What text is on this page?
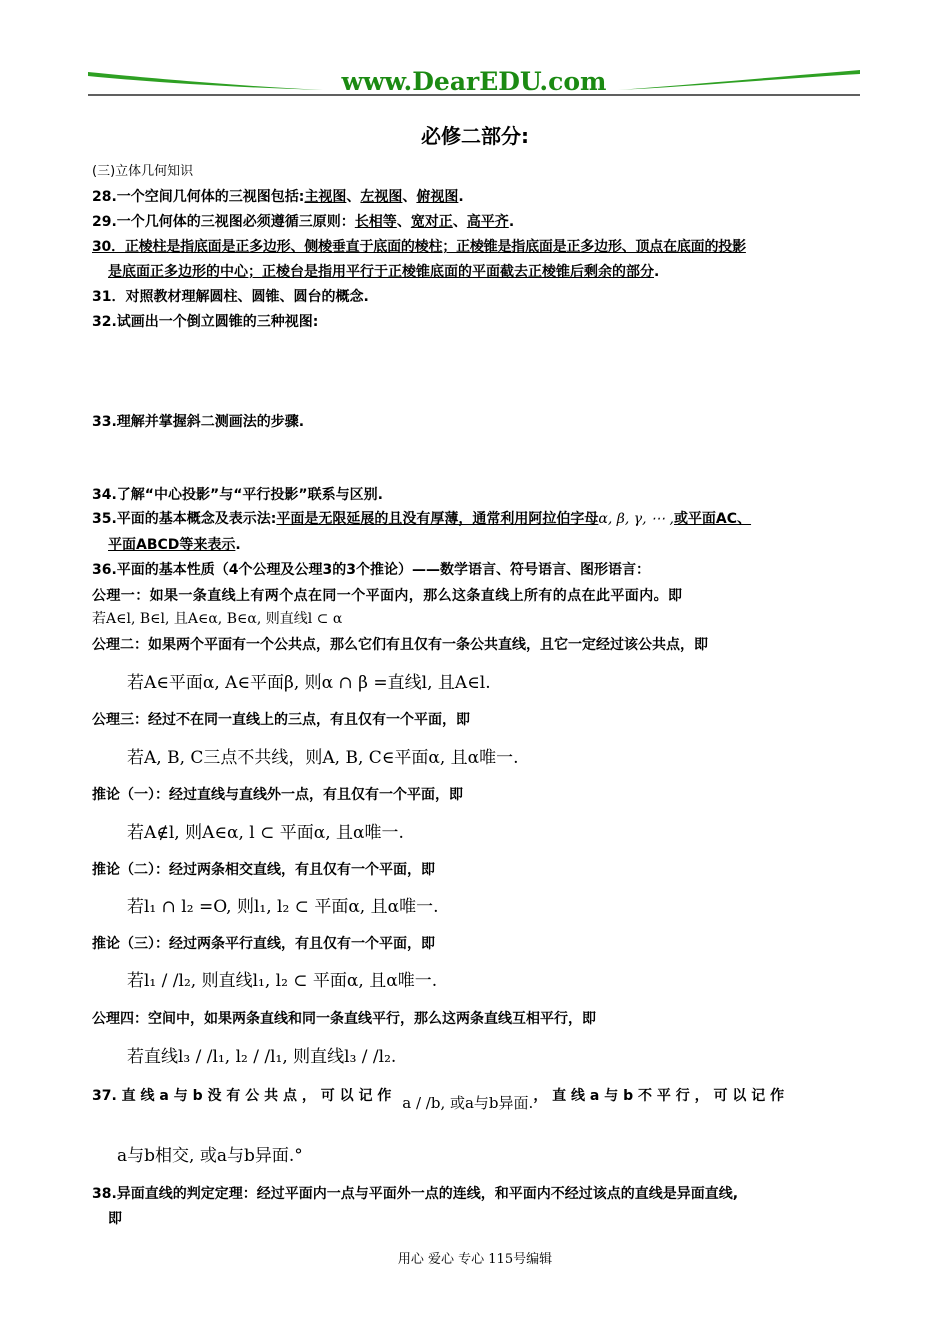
www.DearEDU.com
必修二部分:
(三)立体几何知识
28.一个空间几何体的三视图包括:主视图、左视图、俯视图.
29.一个几何体的三视图必须遵循三原则：长相等、宽对正、高平齐.
30．正棱柱是指底面是正多边形、侧棱垂直于底面的棱柱；正棱锥是指底面是正多边形、顶点在底面的投影
是底面正多边形的中心；正棱台是指用平行于正棱锥底面的平面截去正棱锥后剩余的部分.
31．对照教材理解圆柱、圆锥、圆台的概念.
32.试画出一个倒立圆锥的三种视图:
33.理解并掌握斜二测画法的步骤.
34.了解“中心投影”与“平行投影”联系与区别.
35.平面的基本概念及表示法:平面是无限延展的且没有厚薄，通常利用阿拉伯字母α, β, γ, ⋯ ,或平面AC、
平面ABCD等来表示.
36.平面的基本性质（4个公理及公理3的3个推论）——数学语言、符号语言、图形语言：
公理一：如果一条直线上有两个点在同一个平面内，那么这条直线上所有的点在此平面内。即
若A∈l, B∈l, 且A∈α, B∈α, 则直线l ⊂ α
公理二：如果两个平面有一个公共点，那么它们有且仅有一条公共直线，且它一定经过该公共点，即
若A∈平面α, A∈平面β, 则α ∩ β =直线l, 且A∈l.
公理三：经过不在同一直线上的三点，有且仅有一个平面，即
若A, B, C三点不共线，则A, B, C∈平面α, 且α唯一.
推论（一）：经过直线与直线外一点，有且仅有一个平面，即
若A∉l, 则A∈α, l ⊂ 平面α, 且α唯一.
推论（二）：经过两条相交直线，有且仅有一个平面，即
若l₁ ∩ l₂ =O, 则l₁, l₂ ⊂ 平面α, 且α唯一.
推论（三）：经过两条平行直线，有且仅有一个平面，即
若l₁ / /l₂, 则直线l₁, l₂ ⊂ 平面α, 且α唯一.
公理四：空间中，如果两条直线和同一条直线平行，那么这两条直线互相平行，即
若直线l₃ / /l₁, l₂ / /l₁, 则直线l₃ / /l₂.
37. 直 线 a 与 b 没 有 公 共 点 ， 可 以 记 作 a / /b, 或a与b异面.， 直 线 a 与 b 不 平 行 ， 可 以 记 作
a与b相交, 或a与b异面.°
38.异面直线的判定定理：经过平面内一点与平面外一点的连线，和平面内不经过该点的直线是异面直线,
即
用心 爱心 专心 115号编辑
